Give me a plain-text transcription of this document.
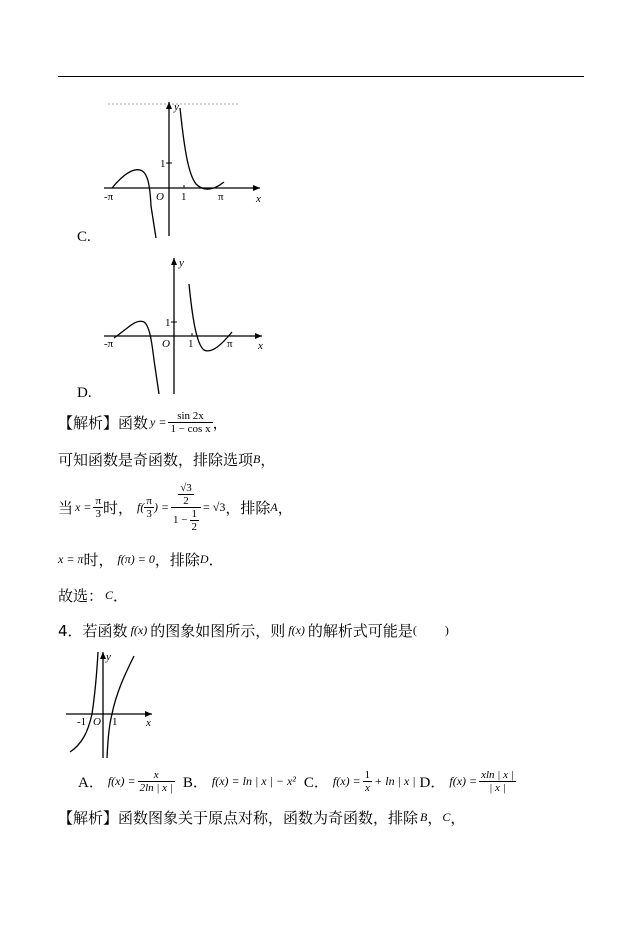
y
x
-π	π
O 1
1
C.
y
x
-π	π
O 1
1
D.
【解析】函数 $y = \frac{\sin 2x}{\text{1 − cos x}}$ ，
可知函数是奇函数，排除选项 B ，
当 $x = \frac{\pi}{3}$ 时， $f( \frac{\pi}{3}$ ) = $\frac{\frac{√3}{2}}{1 - \frac{1}{2}} = √3$ ，排除 A ，
x = π 时， f(π) = 0 ，排除 D ．
故选： C ．
4． 若函数 f(x) 的图象如图所示，则 f(x) 的解析式可能是 ( )
y
x
-1 O 1
A． $f(x) = \frac{x}{2\ln | x |}$ B． f(x) = ln | x | − x² C． $f(x) = \frac{1}{x} + \ln$ | x | D． $f(x) = \frac{xln | x |}{| x |}$
【解析】函数图象关于原点对称，函数为奇函数，排除 B ， C ，
